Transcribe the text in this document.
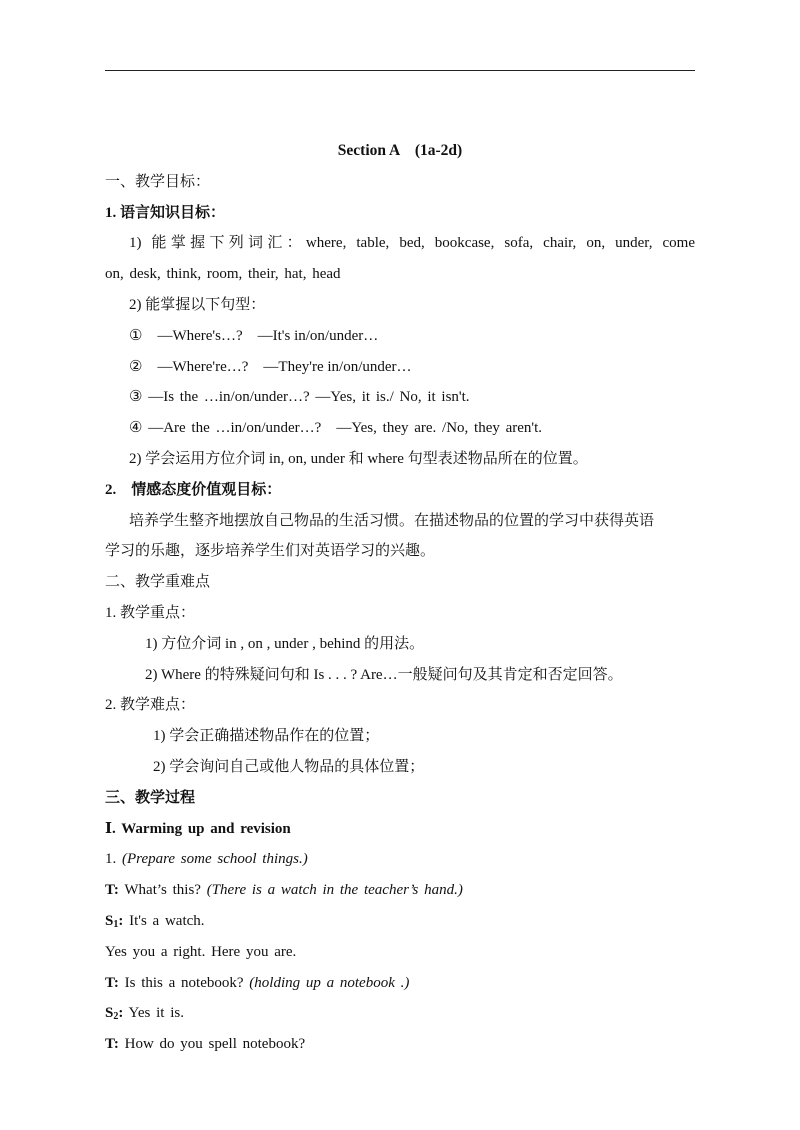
Section A　(1a-2d)
一、教学目标：
1. 语言知识目标：
1) 能掌握下列词汇：where, table, bed, bookcase, sofa, chair, on, under, come
on, desk, think, room, their, hat, head
2) 能掌握以下句型：
①　—Where's…?　—It's in/on/under…
②　—Where're…?　—They're in/on/under…
③ —Is the …in/on/under…? —Yes, it is./ No, it isn't.
④ —Are the …in/on/under…?　—Yes, they are. /No, they aren't.
2) 学会运用方位介词 in, on, under 和 where 句型表述物品所在的位置。
2.　情感态度价值观目标：
培养学生整齐地摆放自己物品的生活习惯。在描述物品的位置的学习中获得英语
学习的乐趣，逐步培养学生们对英语学习的兴趣。
二、教学重难点
1. 教学重点：
1) 方位介词 in , on , under , behind 的用法。
2) Where 的特殊疑问句和 Is . . . ? Are…一般疑问句及其肯定和否定回答。
2. 教学难点：
1) 学会正确描述物品作在的位置；
2) 学会询问自己或他人物品的具体位置；
三、教学过程
Ⅰ. Warming up and revision
1. (Prepare some school things.)
T: What’s this? (There is a watch in the teacher’s hand.)
$S_1$: It's a watch.
Yes you a right. Here you are.
T: Is this a notebook? (holding up a notebook .)
$S_2$: Yes it is.
T: How do you spell notebook?
